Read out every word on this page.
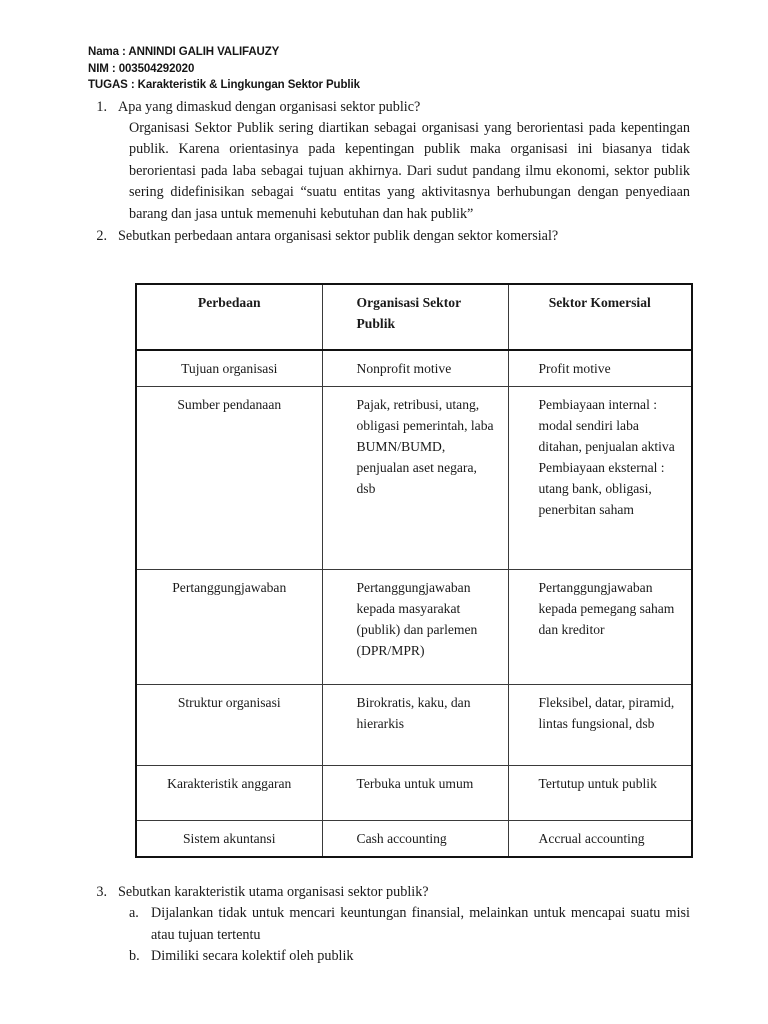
Nama : ANNINDI GALIH VALIFAUZY
NIM : 003504292020
TUGAS : Karakteristik & Lingkungan Sektor Publik
1. Apa yang dimaskud dengan organisasi sektor public?
Organisasi Sektor Publik sering diartikan sebagai organisasi yang berorientasi pada kepentingan publik. Karena orientasinya pada kepentingan publik maka organisasi ini biasanya tidak berorientasi pada laba sebagai tujuan akhirnya. Dari sudut pandang ilmu ekonomi, sektor publik sering didefinisikan sebagai “suatu entitas yang aktivitasnya berhubungan dengan penyediaan barang dan jasa untuk memenuhi kebutuhan dan hak publik”
2. Sebutkan perbedaan antara organisasi sektor publik dengan sektor komersial?
Perbedaan	Organisasi Sektor Publik	Sektor Komersial
Tujuan organisasi	Nonprofit motive	Profit motive
Sumber pendanaan	Pajak, retribusi, utang, obligasi pemerintah, laba BUMN/BUMD, penjualan aset negara, dsb	Pembiayaan internal : modal sendiri laba ditahan, penjualan aktiva Pembiayaan eksternal : utang bank, obligasi, penerbitan saham
Pertanggungjawaban	Pertanggungjawaban kepada masyarakat (publik) dan parlemen (DPR/MPR)	Pertanggungjawaban kepada pemegang saham dan kreditor
Struktur organisasi	Birokratis, kaku, dan hierarkis	Fleksibel, datar, piramid, lintas fungsional, dsb
Karakteristik anggaran	Terbuka untuk umum	Tertutup untuk publik
Sistem akuntansi	Cash accounting	Accrual accounting
3. Sebutkan karakteristik utama organisasi sektor publik?
a. Dijalankan tidak untuk mencari keuntungan finansial, melainkan untuk mencapai suatu misi atau tujuan tertentu
b. Dimiliki secara kolektif oleh publik
